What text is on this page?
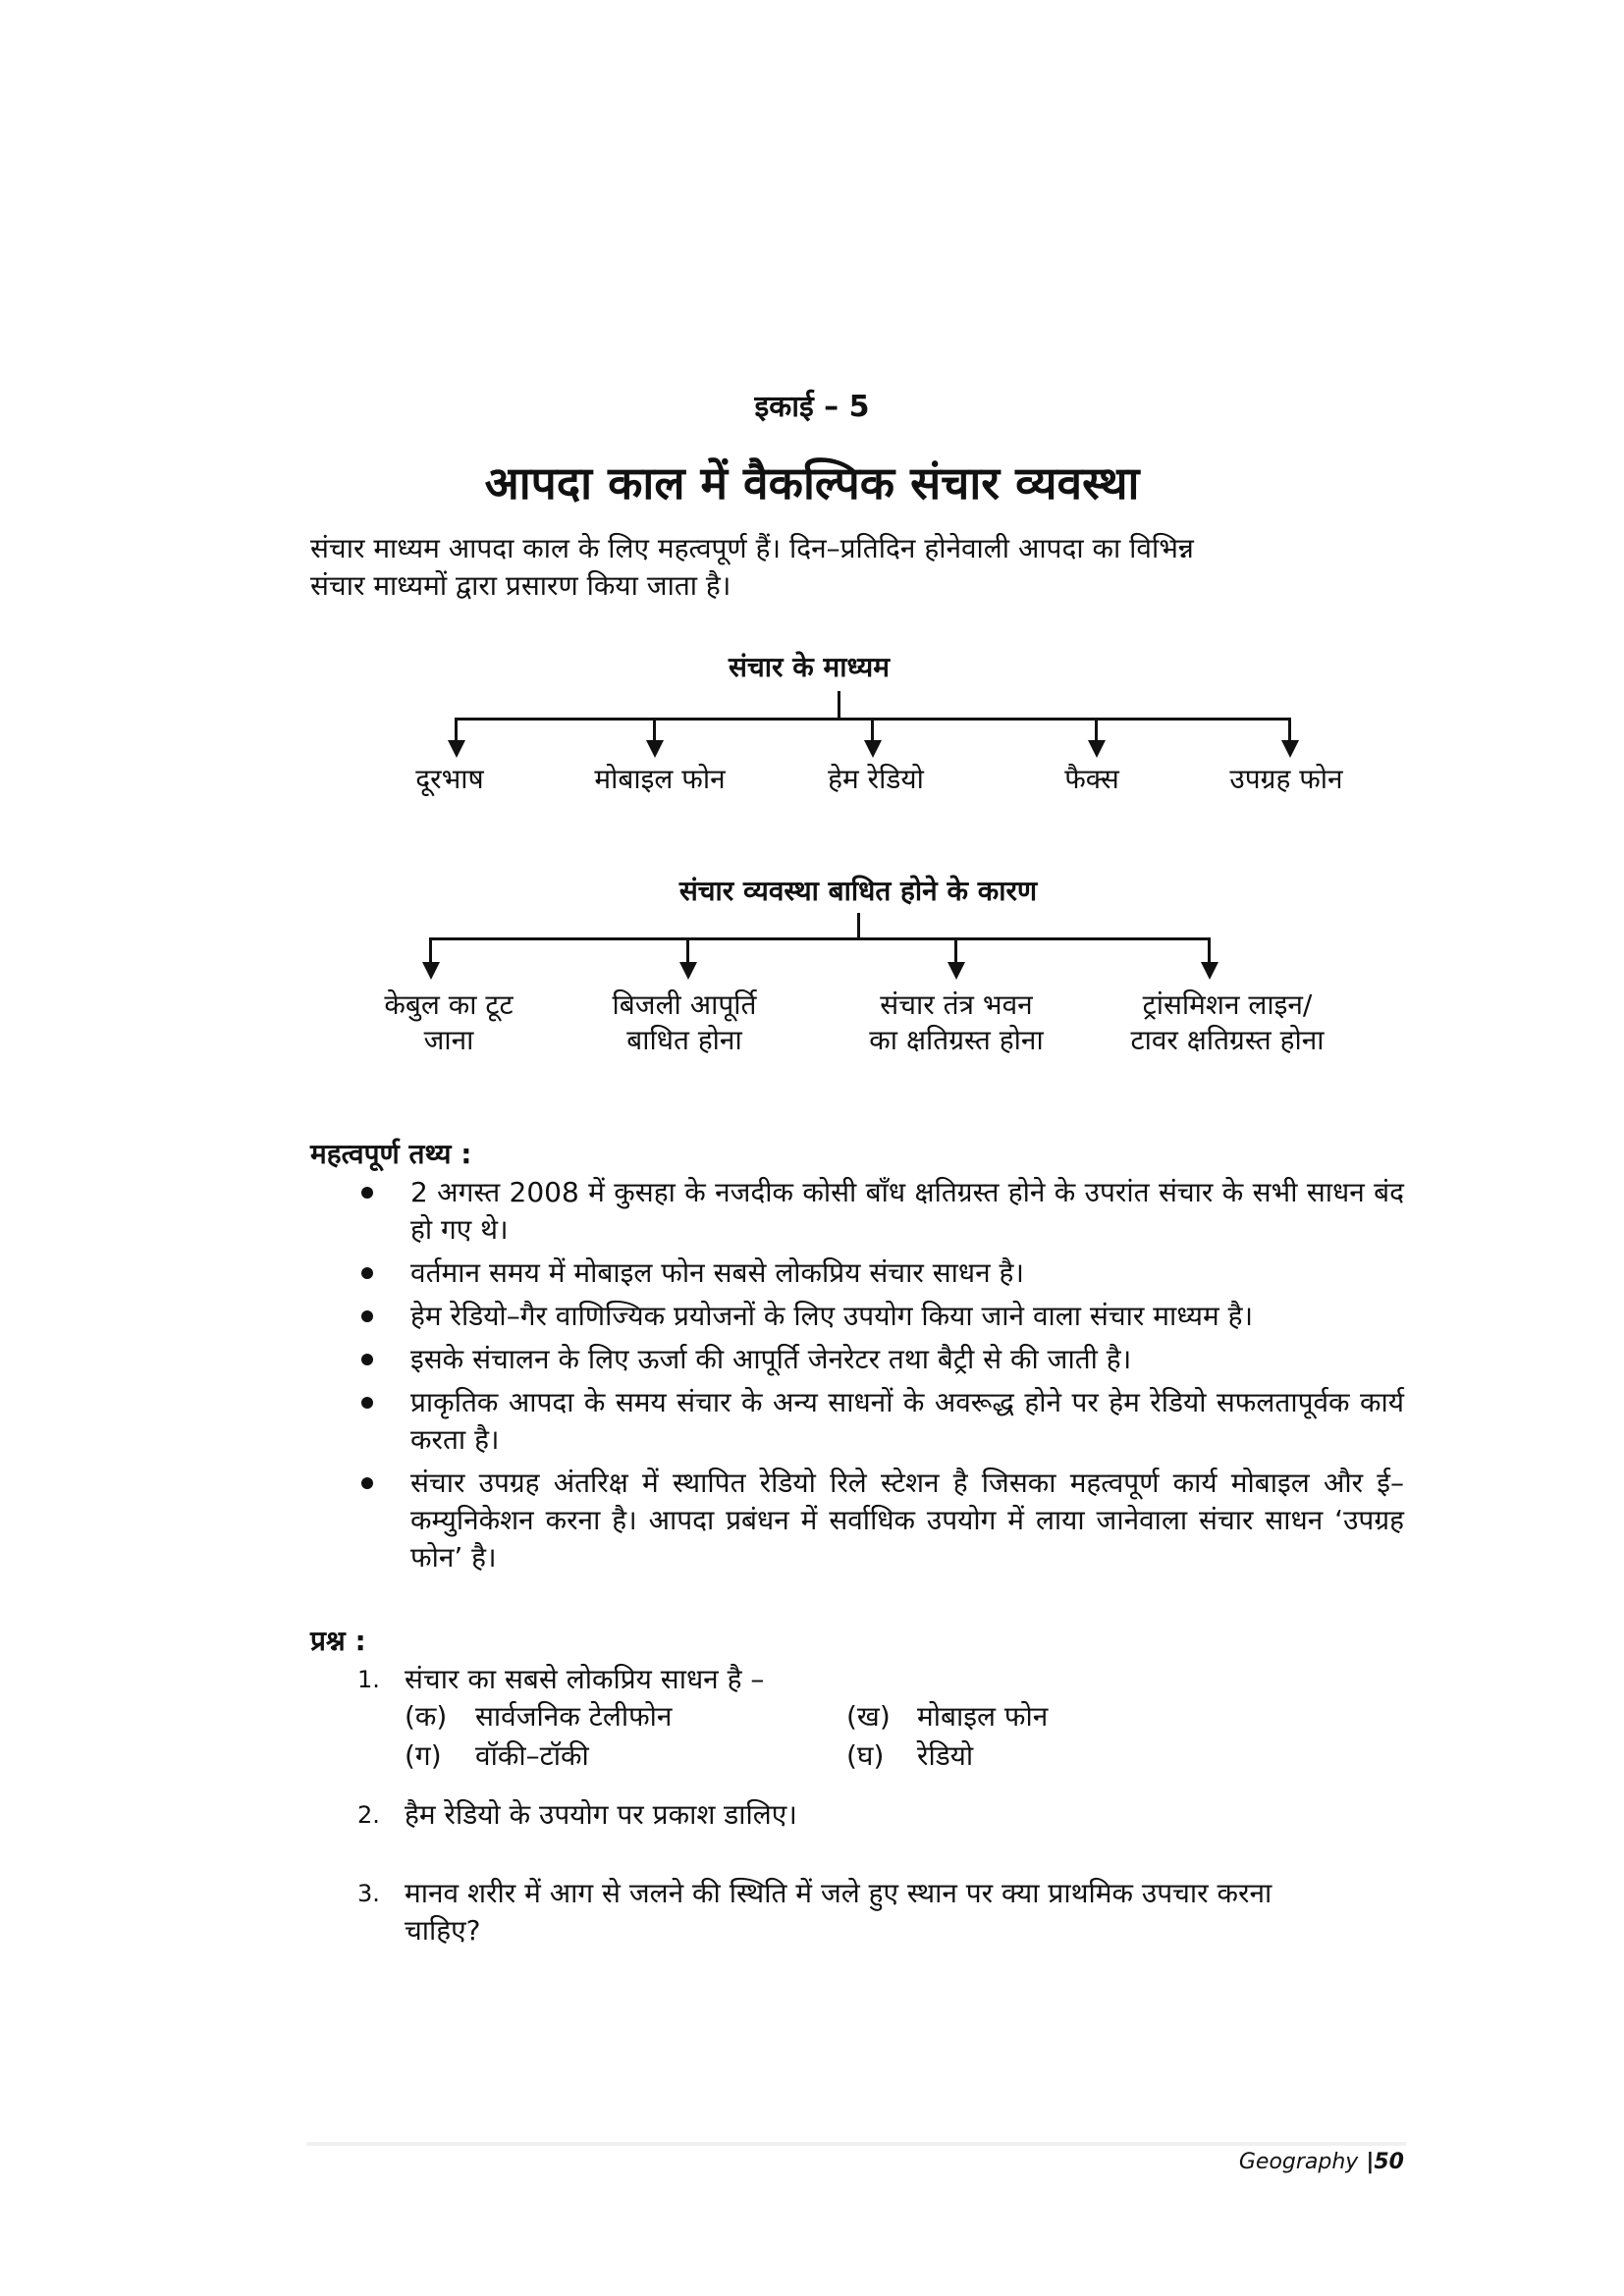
इकाई – 5
आपदा काल में वैकल्पिक संचार व्यवस्था

संचार माध्यम आपदा काल के लिए महत्वपूर्ण हैं। दिन–प्रतिदिन होनेवाली आपदा का विभिन्न

संचार माध्यमों द्वारा प्रसारण किया जाता है।

संचार के माध्यम
दूरभाष	मोबाइल फोन	हेम रेडियो	फैक्स	उपग्रह फोन
संचार व्यवस्था बाधित होने के कारण
केबुल का टूट
जाना
बिजली आपूर्ति
बाधित होना
संचार तंत्र भवन
का क्षतिग्रस्त होना
ट्रांसमिशन लाइन/
टावर क्षतिग्रस्त होना
महत्वपूर्ण तथ्य :
2 अगस्त 2008 में कुसहा के नजदीक कोसी बाँध क्षतिग्रस्त होने के उपरांत संचार के सभी साधन बंद हो गए थे।
वर्तमान समय में मोबाइल फोन सबसे लोकप्रिय संचार साधन है।
हेम रेडियो–गैर वाणिज्यिक प्रयोजनों के लिए उपयोग किया जाने वाला संचार माध्यम है।
इसके संचालन के लिए ऊर्जा की आपूर्ति जेनरेटर तथा बैट्री से की जाती है।
प्राकृतिक आपदा के समय संचार के अन्य साधनों के अवरूद्ध होने पर हेम रेडियो सफलतापूर्वक कार्य करता है।
संचार उपग्रह अंतरिक्ष में स्थापित रेडियो रिले स्टेशन है जिसका महत्वपूर्ण कार्य मोबाइल और ई–कम्युनिकेशन करना है। आपदा प्रबंधन में सर्वाधिक उपयोग में लाया जानेवाला संचार साधन ‘उपग्रह फोन’ है।
प्रश्न :
1. संचार का सबसे लोकप्रिय साधन है –
(क)	सार्वजनिक टेलीफोन	(ख) मोबाइल फोन
(ग)	वॉकी–टॉकी	(घ)	रेडियो
2. हैम रेडियो के उपयोग पर प्रकाश डालिए।
3. मानव शरीर में आग से जलने की स्थिति में जले हुए स्थान पर क्या प्राथमिक उपचार करना चाहिए?
Geography |50
